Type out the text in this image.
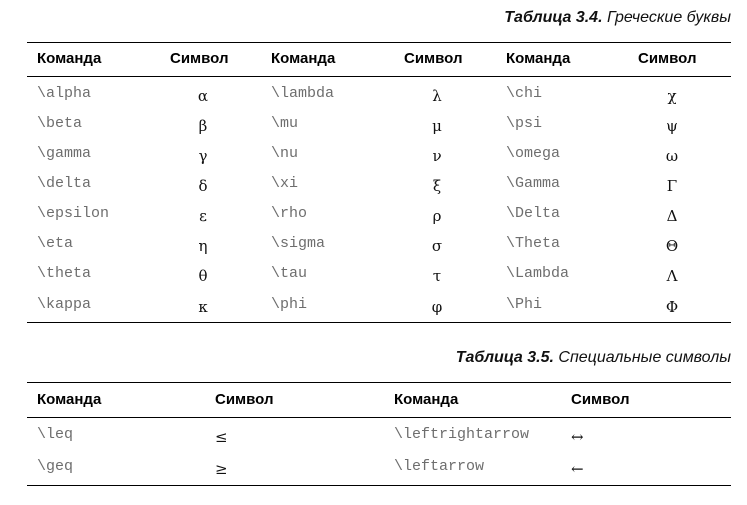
Таблица 3.4. Греческие буквы
Команда	Символ	Команда	Символ	Команда	Символ
\alpha	α	\lambda	λ	\chi	χ
\beta	β	\mu	μ	\psi	ψ
\gamma	γ	\nu	ν	\omega	ω
\delta	δ	\xi	ξ	\Gamma	Γ
\epsilon	ε	\rho	ρ	\Delta	Δ
\eta	η	\sigma	σ	\Theta	Θ
\theta	θ	\tau	τ	\Lambda	Λ
\kappa	κ	\phi	φ	\Phi	Φ
Таблица 3.5. Специальные символы
Команда	Символ	Команда	Символ
\leq	≤	\leftrightarrow	↔
\geq	≥	\leftarrow	←
